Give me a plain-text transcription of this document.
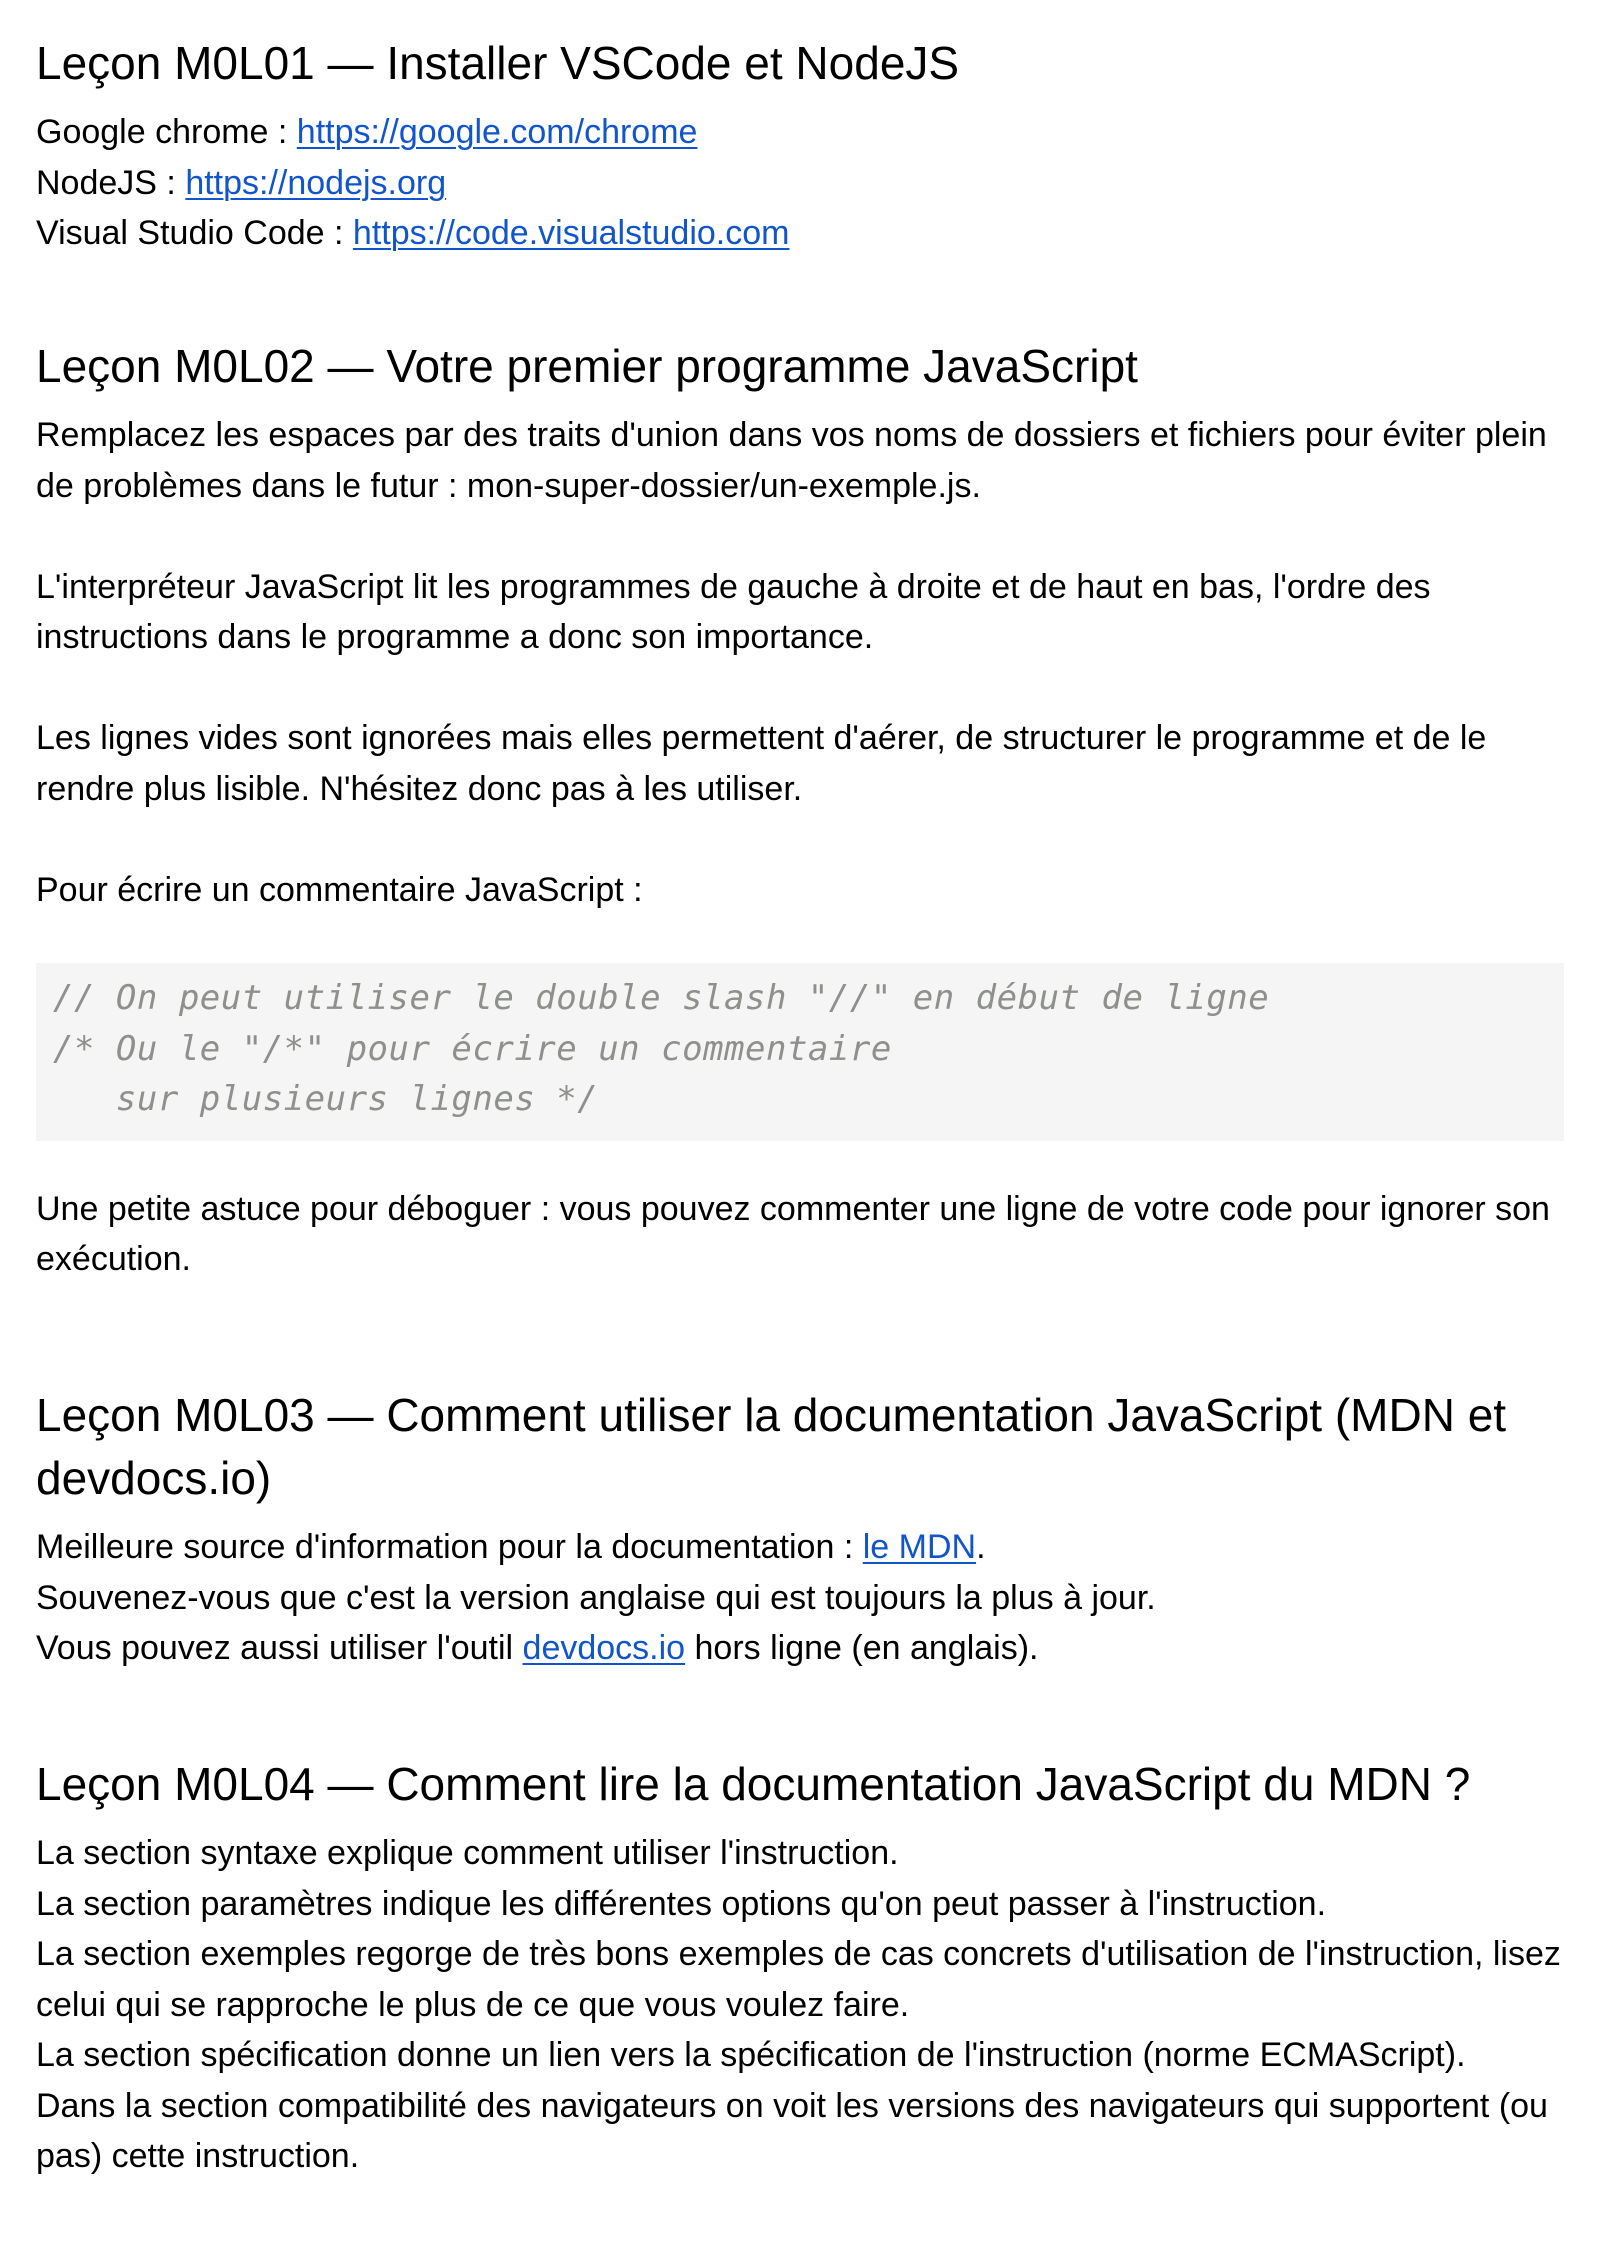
Leçon M0L01 — Installer VSCode et NodeJS

Google chrome : https://google.com/chrome
NodeJS : https://nodejs.org
Visual Studio Code : https://code.visualstudio.com

Leçon M0L02 — Votre premier programme JavaScript

Remplacez les espaces par des traits d'union dans vos noms de dossiers et fichiers pour éviter plein de problèmes dans le futur : mon-super-dossier/un-exemple.js.

L'interpréteur JavaScript lit les programmes de gauche à droite et de haut en bas, l'ordre des instructions dans le programme a donc son importance.

Les lignes vides sont ignorées mais elles permettent d'aérer, de structurer le programme et de le rendre plus lisible. N'hésitez donc pas à les utiliser.

Pour écrire un commentaire JavaScript :

// On peut utiliser le double slash "//" en début de ligne
/* Ou le "/*" pour écrire un commentaire
sur plusieurs lignes */

Une petite astuce pour déboguer : vous pouvez commenter une ligne de votre code pour ignorer son exécution.

Leçon M0L03 — Comment utiliser la documentation JavaScript (MDN et devdocs.io)

Meilleure source d'information pour la documentation : le MDN.
Souvenez-vous que c'est la version anglaise qui est toujours la plus à jour.
Vous pouvez aussi utiliser l'outil devdocs.io hors ligne (en anglais).

Leçon M0L04 — Comment lire la documentation JavaScript du MDN ?

La section syntaxe explique comment utiliser l'instruction.
La section paramètres indique les différentes options qu'on peut passer à l'instruction.
La section exemples regorge de très bons exemples de cas concrets d'utilisation de l'instruction, lisez celui qui se rapproche le plus de ce que vous voulez faire.
La section spécification donne un lien vers la spécification de l'instruction (norme ECMAScript).
Dans la section compatibilité des navigateurs on voit les versions des navigateurs qui supportent (ou pas) cette instruction.
